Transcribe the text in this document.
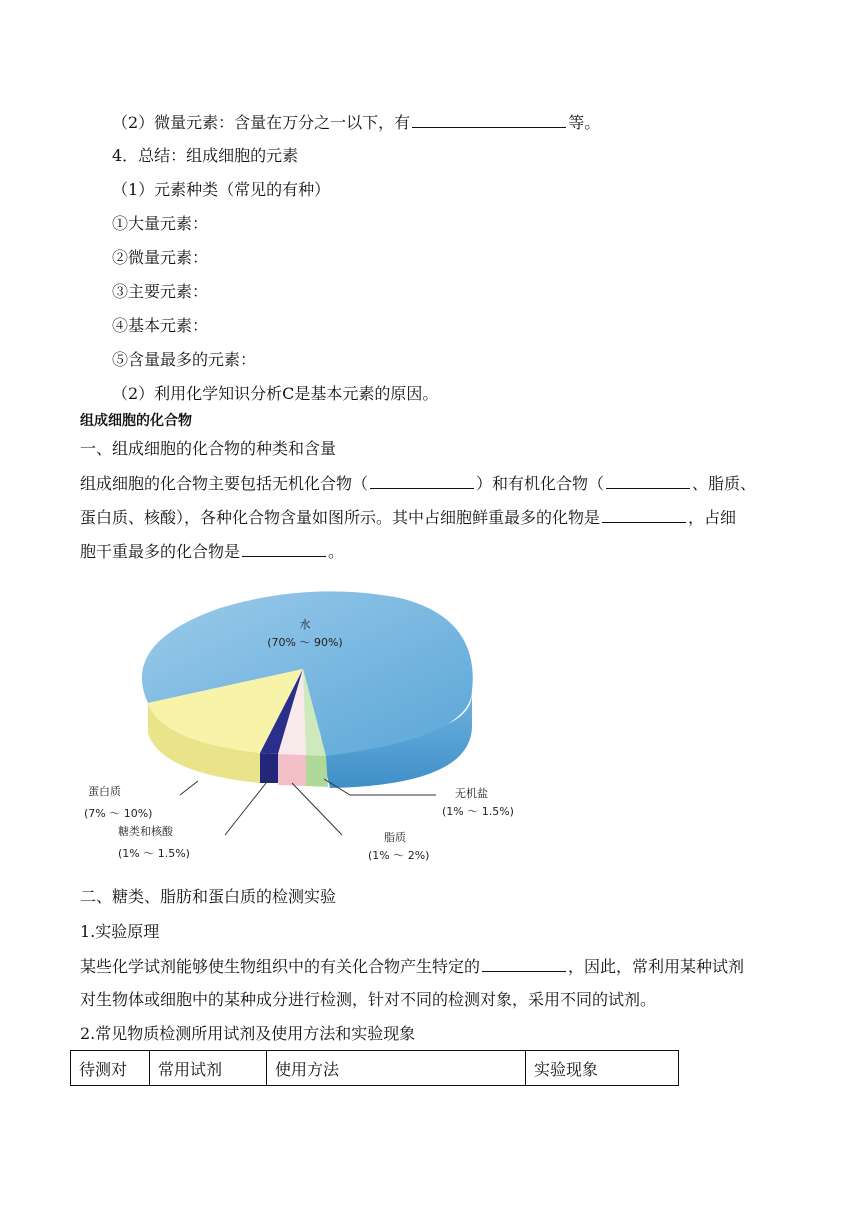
（2）微量元素：含量在万分之一以下，有	等。
4．总结：组成细胞的元素
（1）元素种类（常见的有种）
①大量元素：
②微量元素：
③主要元素：
④基本元素：
⑤含量最多的元素：
（2）利用化学知识分析C是基本元素的原因。
组成细胞的化合物
一、组成细胞的化合物的种类和含量
组成细胞的化合物主要包括无机化合物（	）和有机化合物（	、脂质、
蛋白质、核酸），各种化合物含量如图所示。其中占细胞鲜重最多的化物是	，占细
胞干重最多的化合物是	。
水
(70% ～ 90%)
蛋白质
(7% ～ 10%)
糖类和核酸
(1% ～ 1.5%)
脂质
(1% ～ 2%)
无机盐
(1% ～ 1.5%)
二、糖类、脂肪和蛋白质的检测实验
1.实验原理
某些化学试剂能够使生物组织中的有关化合物产生特定的	，因此，常利用某种试剂
对生物体或细胞中的某种成分进行检测，针对不同的检测对象，采用不同的试剂。
2.常见物质检测所用试剂及使用方法和实验现象
待测对	常用试剂	使用方法	实验现象
